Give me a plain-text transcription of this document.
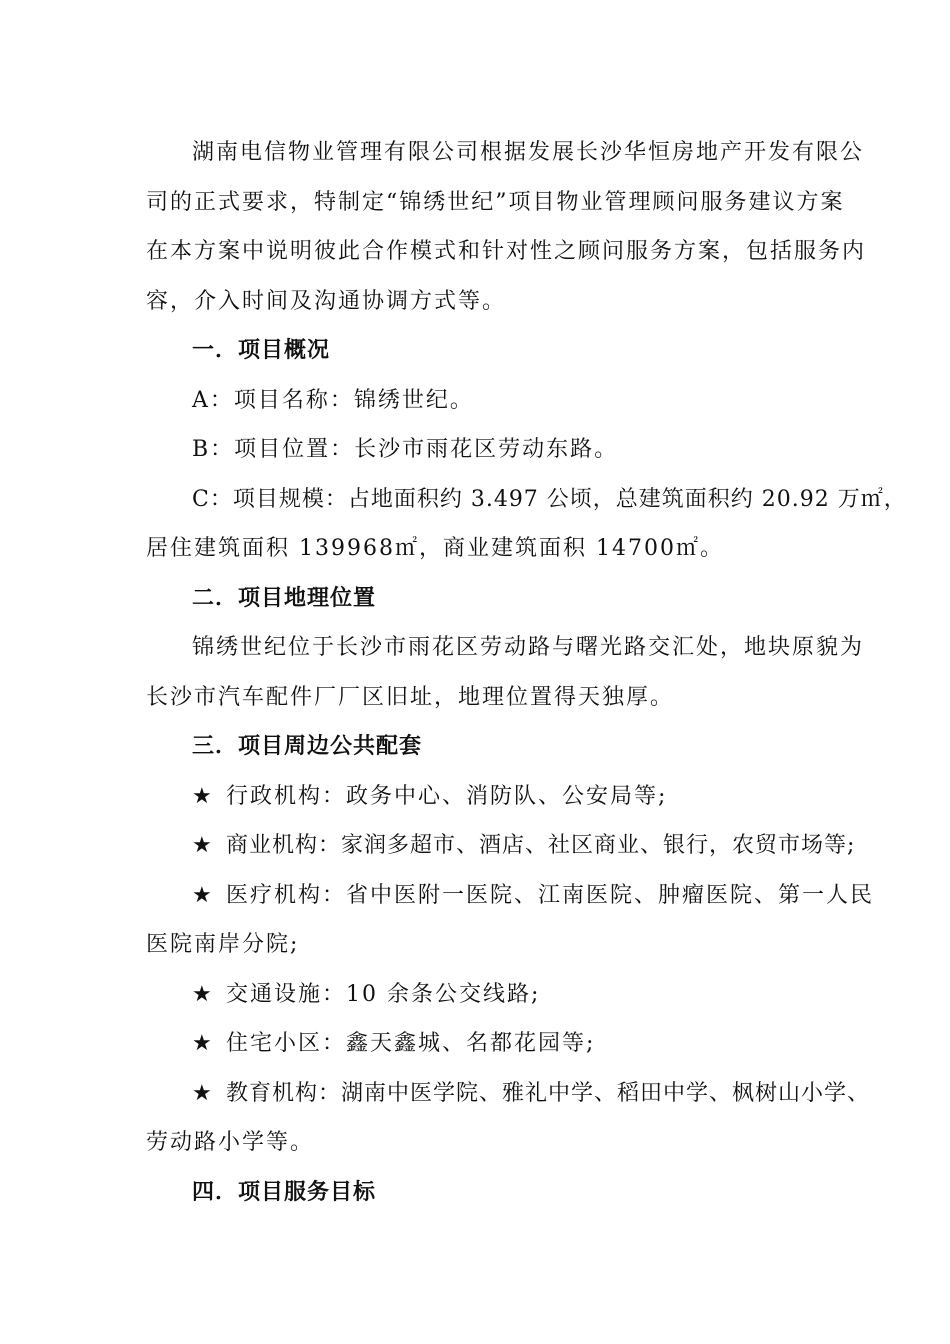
湖南电信物业管理有限公司根据发展长沙华恒房地产开发有限公
司的正式要求，特制定“锦绣世纪”项目物业管理顾问服务建议方案
在本方案中说明彼此合作模式和针对性之顾问服务方案，包括服务内
容，介入时间及沟通协调方式等。
一．项目概况
A：项目名称：锦绣世纪。
B：项目位置：长沙市雨花区劳动东路。
C：项目规模：占地面积约 3.497 公顷，总建筑面积约 20.92 万㎡，
居住建筑面积 139968㎡，商业建筑面积 14700㎡。
二．项目地理位置
锦绣世纪位于长沙市雨花区劳动路与曙光路交汇处，地块原貌为
长沙市汽车配件厂厂区旧址，地理位置得天独厚。
三．项目周边公共配套
★ 行政机构：政务中心、消防队、公安局等;
★ 商业机构：家润多超市、酒店、社区商业、银行，农贸市场等;
★ 医疗机构：省中医附一医院、江南医院、肿瘤医院、第一人民
医院南岸分院;
★ 交通设施：10 余条公交线路;
★ 住宅小区：鑫天鑫城、名都花园等;
★ 教育机构：湖南中医学院、雅礼中学、稻田中学、枫树山小学、
劳动路小学等。
四．项目服务目标
